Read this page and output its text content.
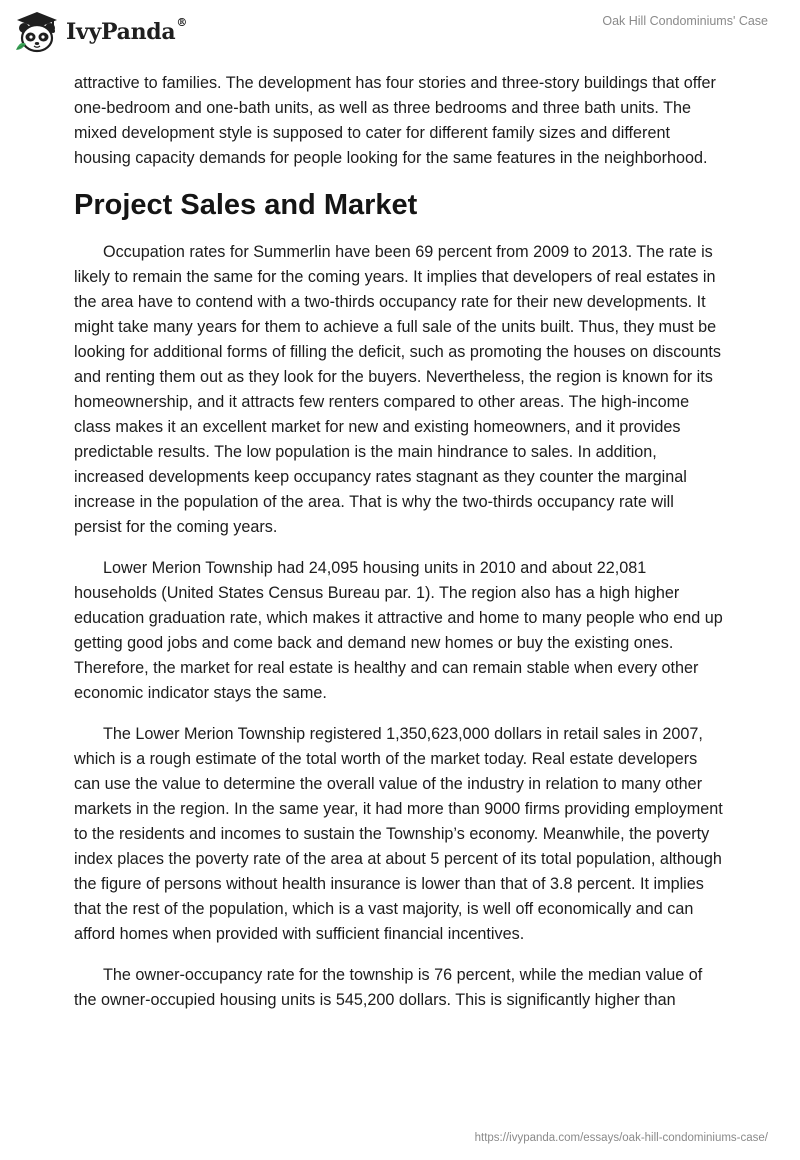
IvyPanda®	Oak Hill Condominiums' Case

attractive to families. The development has four stories and three-story buildings that offer one-bedroom and one-bath units, as well as three bedrooms and three bath units. The mixed development style is supposed to cater for different family sizes and different housing capacity demands for people looking for the same features in the neighborhood.

Project Sales and Market

Occupation rates for Summerlin have been 69 percent from 2009 to 2013. The rate is likely to remain the same for the coming years. It implies that developers of real estates in the area have to contend with a two-thirds occupancy rate for their new developments. It might take many years for them to achieve a full sale of the units built. Thus, they must be looking for additional forms of filling the deficit, such as promoting the houses on discounts and renting them out as they look for the buyers. Nevertheless, the region is known for its homeownership, and it attracts few renters compared to other areas. The high-income class makes it an excellent market for new and existing homeowners, and it provides predictable results. The low population is the main hindrance to sales. In addition, increased developments keep occupancy rates stagnant as they counter the marginal increase in the population of the area. That is why the two-thirds occupancy rate will persist for the coming years.

Lower Merion Township had 24,095 housing units in 2010 and about 22,081 households (United States Census Bureau par. 1). The region also has a high higher education graduation rate, which makes it attractive and home to many people who end up getting good jobs and come back and demand new homes or buy the existing ones. Therefore, the market for real estate is healthy and can remain stable when every other economic indicator stays the same.

The Lower Merion Township registered 1,350,623,000 dollars in retail sales in 2007, which is a rough estimate of the total worth of the market today. Real estate developers can use the value to determine the overall value of the industry in relation to many other markets in the region. In the same year, it had more than 9000 firms providing employment to the residents and incomes to sustain the Township’s economy. Meanwhile, the poverty index places the poverty rate of the area at about 5 percent of its total population, although the figure of persons without health insurance is lower than that of 3.8 percent. It implies that the rest of the population, which is a vast majority, is well off economically and can afford homes when provided with sufficient financial incentives.

The owner-occupancy rate for the township is 76 percent, while the median value of the owner-occupied housing units is 545,200 dollars. This is significantly higher than

https://ivypanda.com/essays/oak-hill-condominiums-case/
